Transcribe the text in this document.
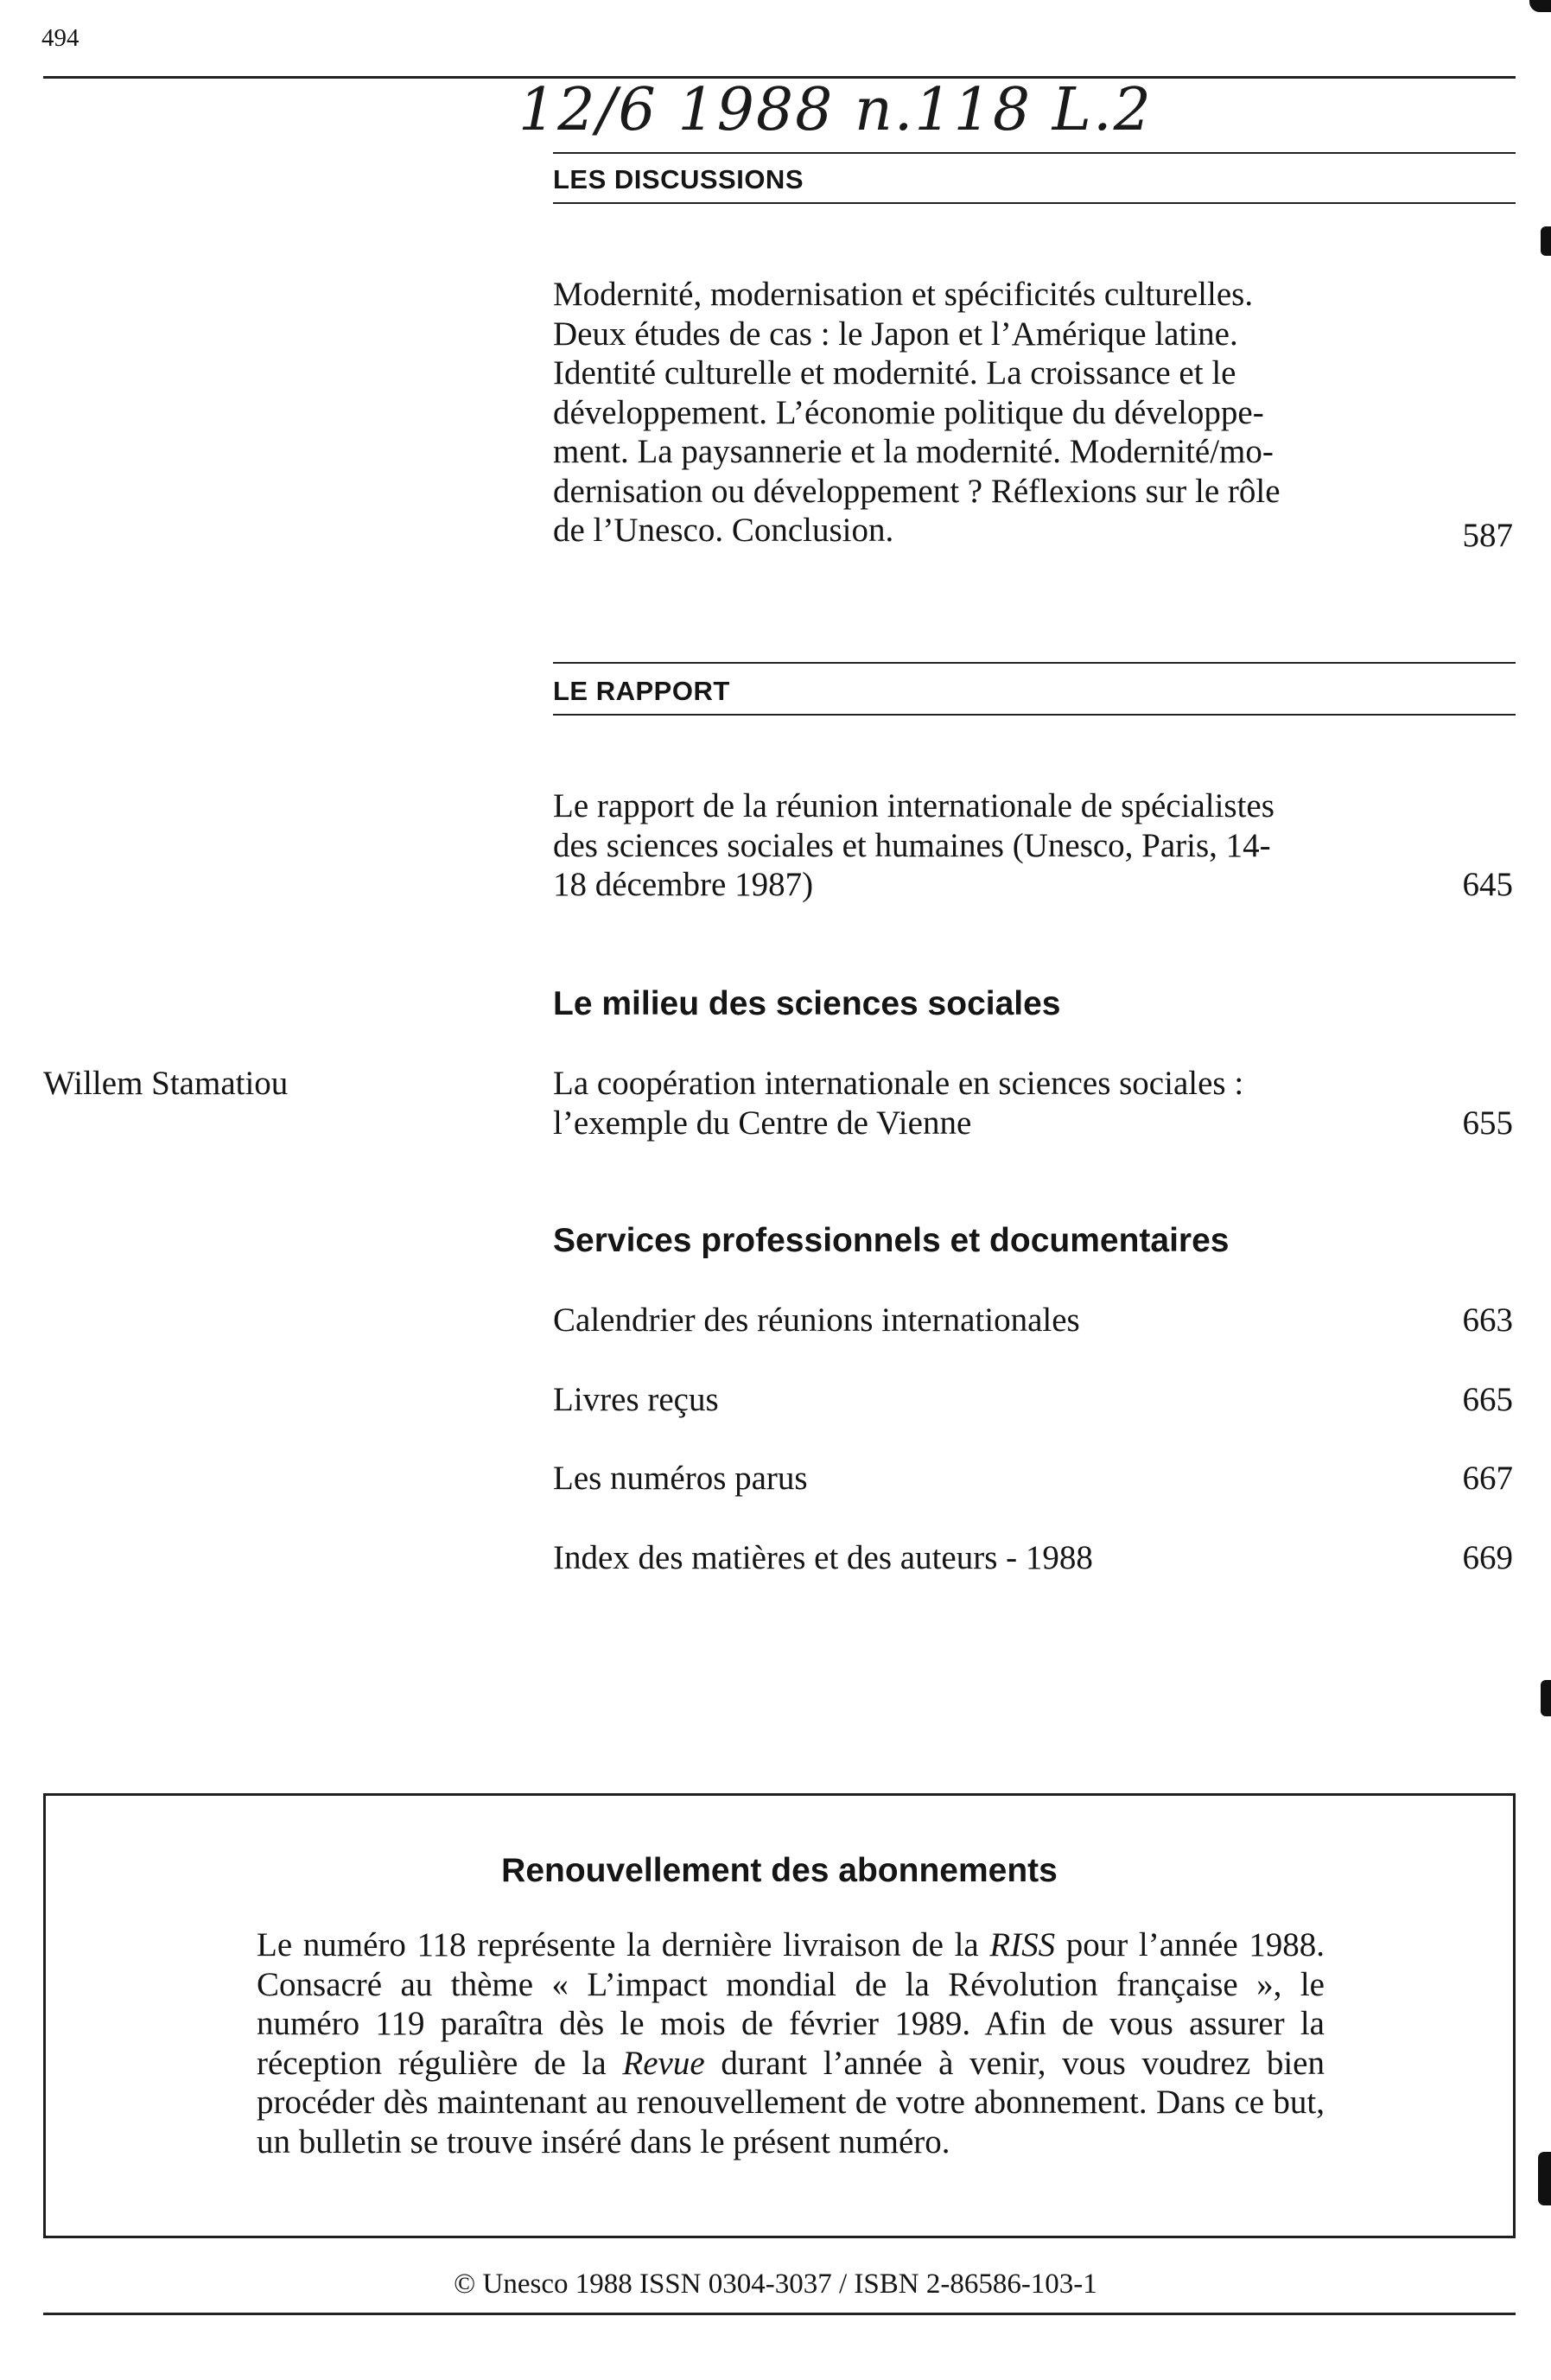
494
12/6 1988 n.118 L.2
LES DISCUSSIONS
Modernité, modernisation et spécificités culturelles.
Deux études de cas : le Japon et l’Amérique latine.
Identité culturelle et modernité. La croissance et le
développement. L’économie politique du développe-
ment. La paysannerie et la modernité. Modernité/mo-
dernisation ou développement ? Réflexions sur le rôle
de l’Unesco. Conclusion.	587
LE RAPPORT
Le rapport de la réunion internationale de spécialistes
des sciences sociales et humaines (Unesco, Paris, 14-
18 décembre 1987)	645
Le milieu des sciences sociales
Willem Stamatiou	La coopération internationale en sciences sociales :
l’exemple du Centre de Vienne	655
Services professionnels et documentaires
Calendrier des réunions internationales	663
Livres reçus	665
Les numéros parus	667
Index des matières et des auteurs - 1988	669
Renouvellement des abonnements
Le numéro 118 représente la dernière livraison de la RISS pour l’année 1988. Consacré au thème « L’impact mondial de la Révolution française », le numéro 119 paraîtra dès le mois de février 1989. Afin de vous assurer la réception régulière de la Revue durant l’année à venir, vous voudrez bien procéder dès maintenant au renouvellement de votre abonnement. Dans ce but, un bulletin se trouve inséré dans le présent numéro.
© Unesco 1988 ISSN 0304-3037 / ISBN 2-86586-103-1
